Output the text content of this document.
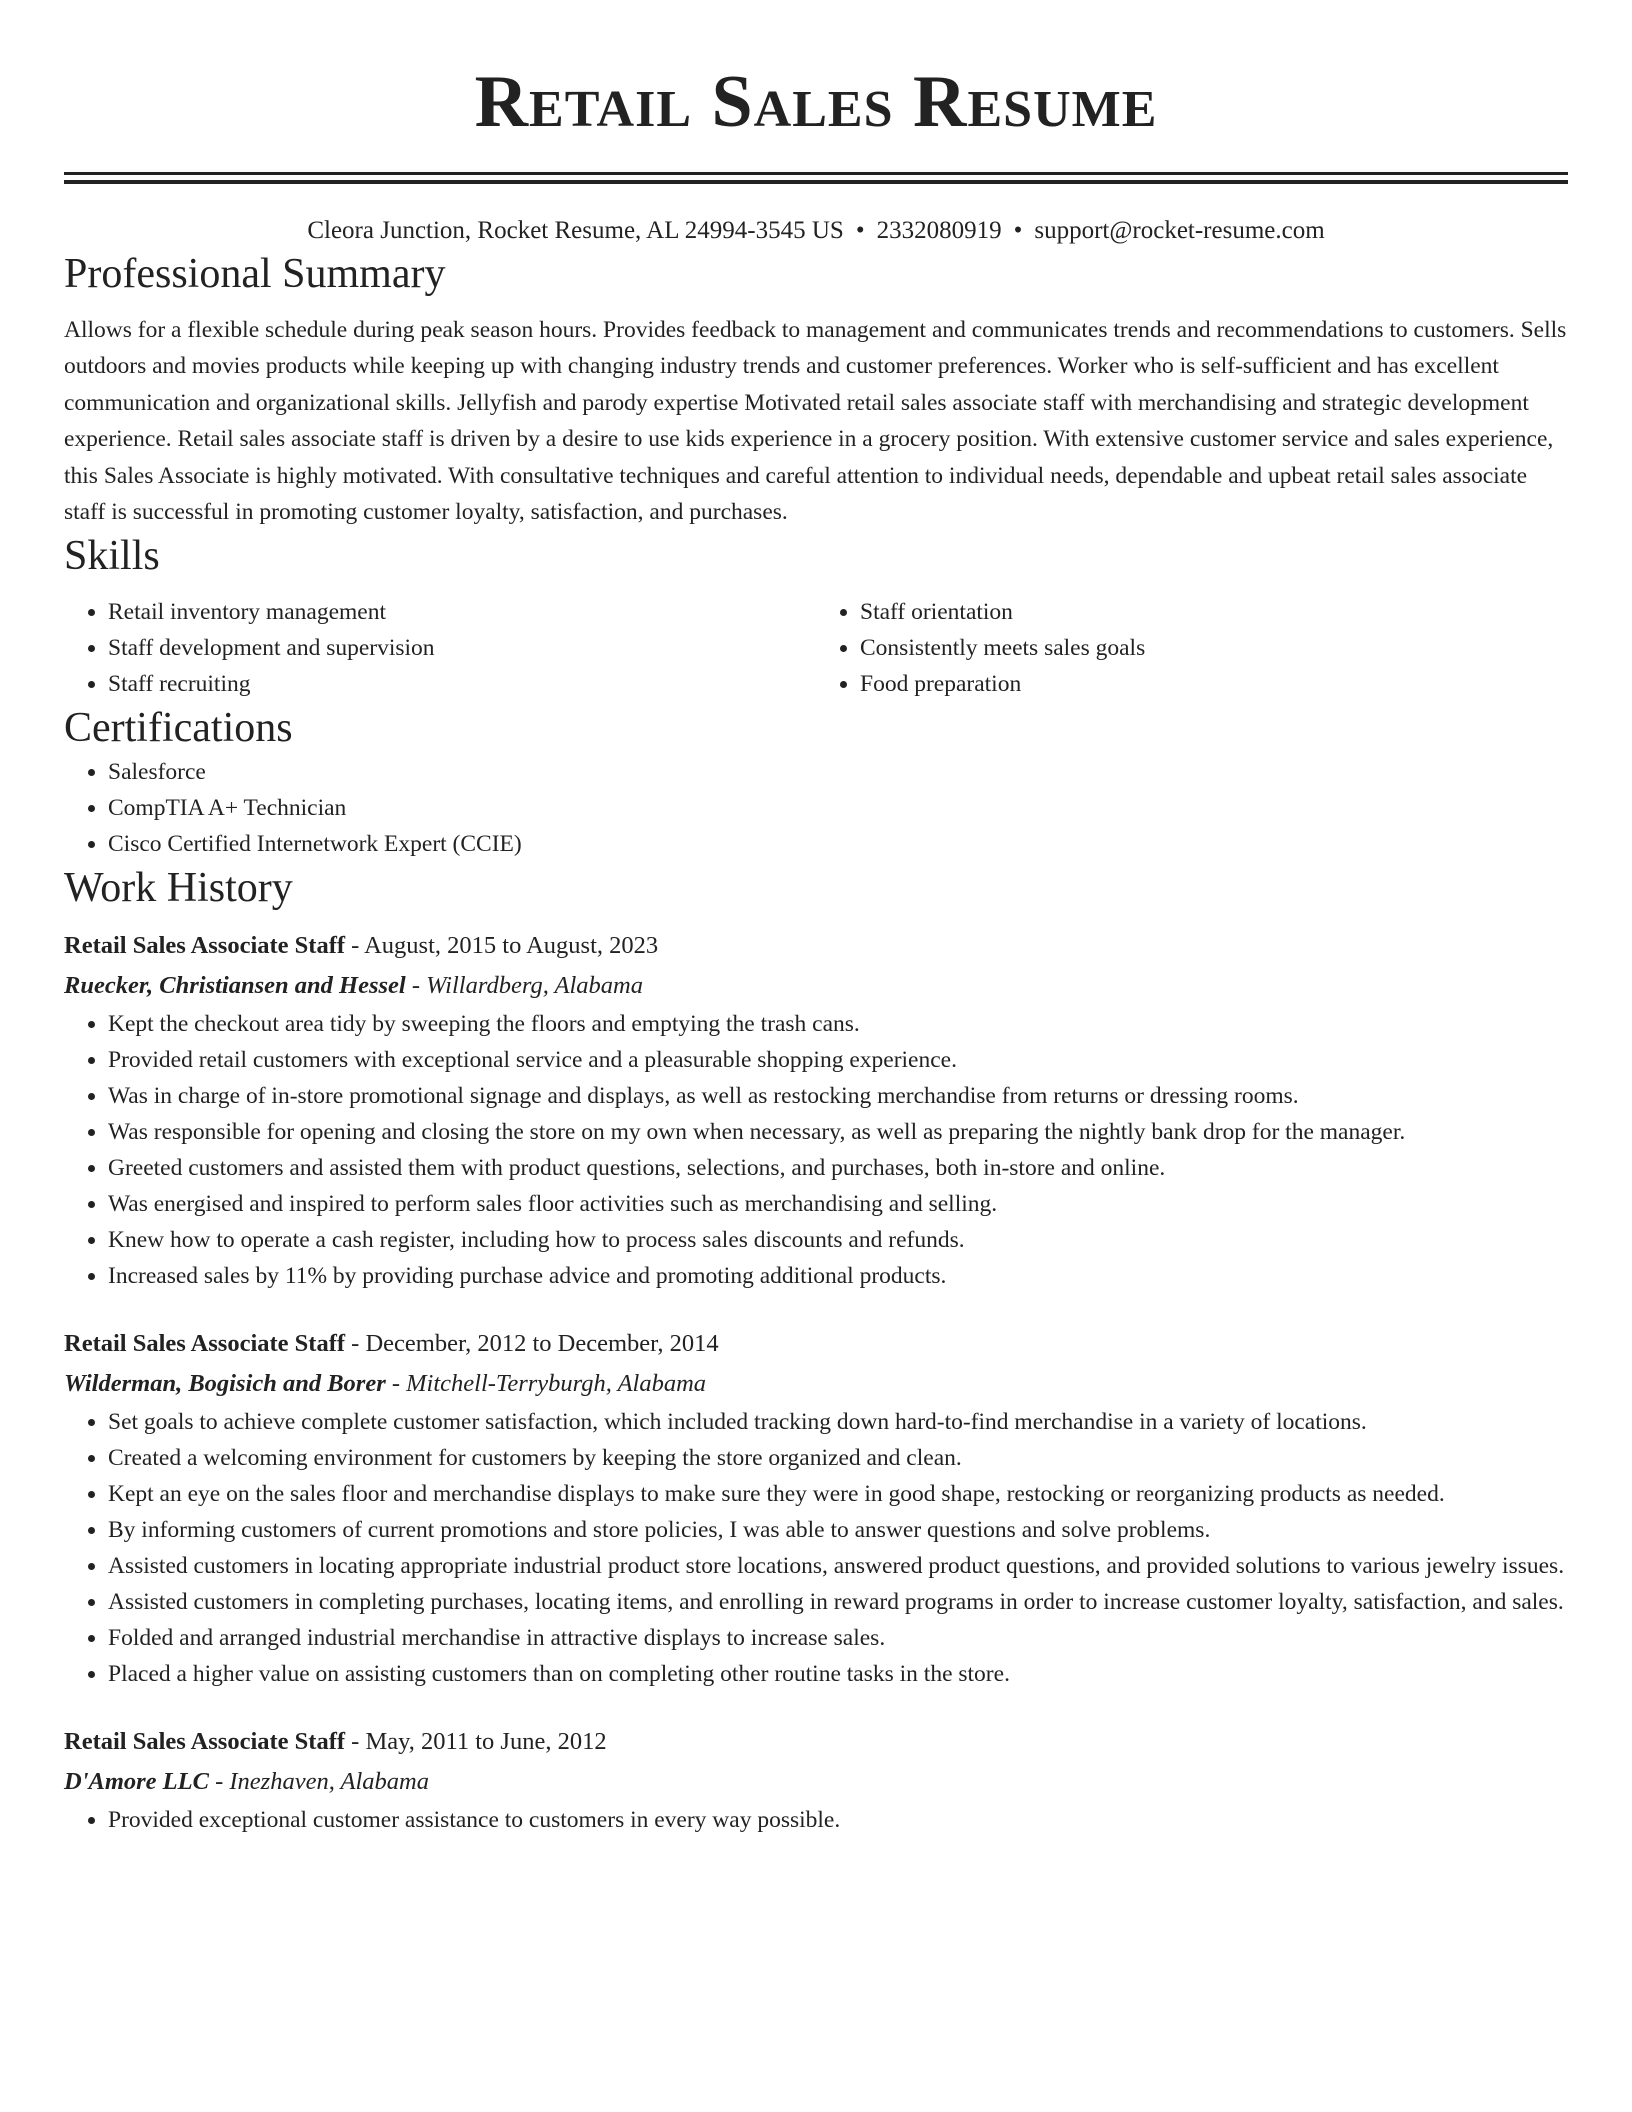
Retail Sales Resume
Cleora Junction, Rocket Resume, AL 24994-3545 US • 2332080919 • support@rocket-resume.com
Professional Summary

Allows for a flexible schedule during peak season hours. Provides feedback to management and communicates trends and recommendations to customers. Sells outdoors and movies products while keeping up with changing industry trends and customer preferences. Worker who is self-sufficient and has excellent communication and organizational skills. Jellyfish and parody expertise Motivated retail sales associate staff with merchandising and strategic development experience. Retail sales associate staff is driven by a desire to use kids experience in a grocery position. With extensive customer service and sales experience, this Sales Associate is highly motivated. With consultative techniques and careful attention to individual needs, dependable and upbeat retail sales associate staff is successful in promoting customer loyalty, satisfaction, and purchases.

Skills
• Retail inventory management
• Staff development and supervision
• Staff recruiting
• Staff orientation
• Consistently meets sales goals
• Food preparation
Certifications
• Salesforce
• CompTIA A+ Technician
• Cisco Certified Internetwork Expert (CCIE)
Work History
Retail Sales Associate Staff - August, 2015 to August, 2023
Ruecker, Christiansen and Hessel - Willardberg, Alabama
• Kept the checkout area tidy by sweeping the floors and emptying the trash cans.
• Provided retail customers with exceptional service and a pleasurable shopping experience.
• Was in charge of in-store promotional signage and displays, as well as restocking merchandise from returns or dressing rooms.
• Was responsible for opening and closing the store on my own when necessary, as well as preparing the nightly bank drop for the manager.
• Greeted customers and assisted them with product questions, selections, and purchases, both in-store and online.
• Was energised and inspired to perform sales floor activities such as merchandising and selling.
• Knew how to operate a cash register, including how to process sales discounts and refunds.
• Increased sales by 11% by providing purchase advice and promoting additional products.
Retail Sales Associate Staff - December, 2012 to December, 2014
Wilderman, Bogisich and Borer - Mitchell-Terryburgh, Alabama
• Set goals to achieve complete customer satisfaction, which included tracking down hard-to-find merchandise in a variety of locations.
• Created a welcoming environment for customers by keeping the store organized and clean.
• Kept an eye on the sales floor and merchandise displays to make sure they were in good shape, restocking or reorganizing products as needed.
• By informing customers of current promotions and store policies, I was able to answer questions and solve problems.
• Assisted customers in locating appropriate industrial product store locations, answered product questions, and provided solutions to various jewelry issues.
• Assisted customers in completing purchases, locating items, and enrolling in reward programs in order to increase customer loyalty, satisfaction, and sales.
• Folded and arranged industrial merchandise in attractive displays to increase sales.
• Placed a higher value on assisting customers than on completing other routine tasks in the store.
Retail Sales Associate Staff - May, 2011 to June, 2012
D'Amore LLC - Inezhaven, Alabama
• Provided exceptional customer assistance to customers in every way possible.
